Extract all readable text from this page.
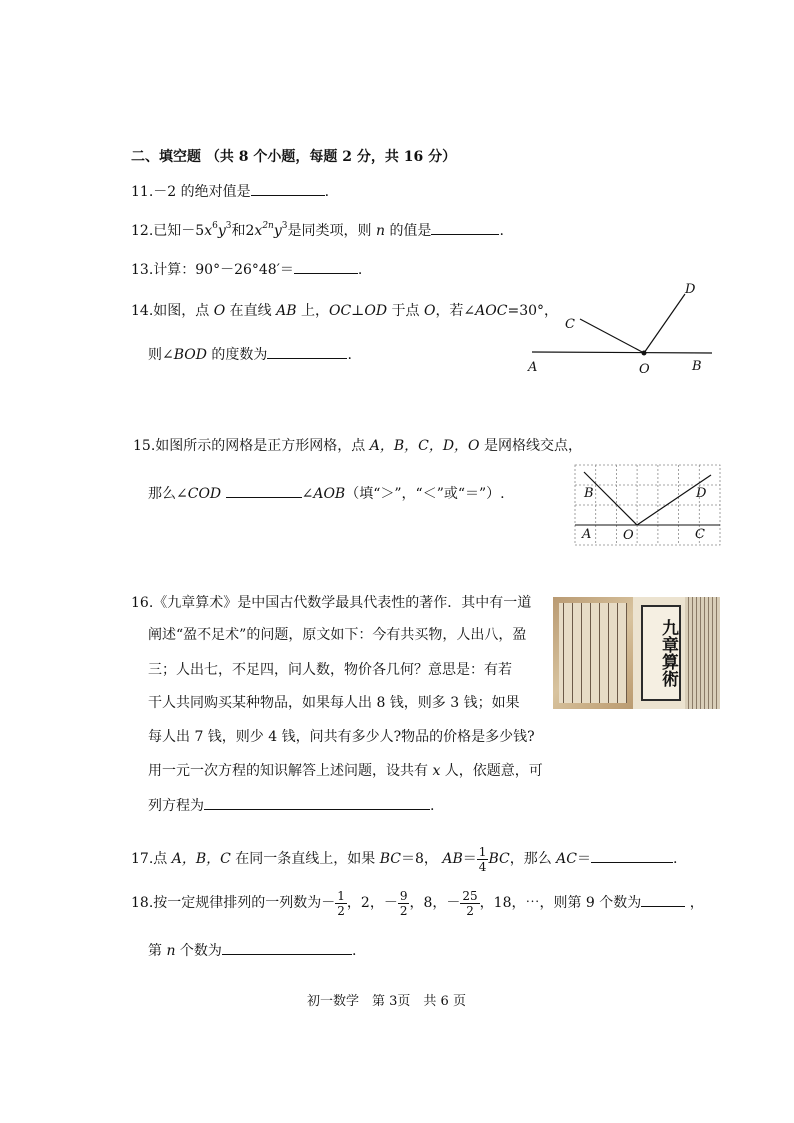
二、填空题 （共 8 个小题，每题 2 分，共 16 分）
11.－2 的绝对值是	.
12.已知$-5x^6y^3$和$2x^{2n}y^3$是同类项，则 n 的值是	.
13.计算：90°－26°48′＝	.
14.如图，点 O 在直线 AB 上，OC⊥OD 于点 O，若∠AOC=30°，
则∠BOD 的度数为	.
A	O	B
C
D
15.如图所示的网格是正方形网格，点 A，B，C，D，O 是网格线交点，
那么∠COD	∠AOB（填“＞”，“＜”或“＝”）.	B	D
A O	C
16.《九章算术》是中国古代数学最具代表性的著作．其中有一道
阐述“盈不足术”的问题，原文如下：今有共买物，人出八，盈
三；人出七，不足四，问人数，物价各几何？意思是：有若
干人共同购买某种物品，如果每人出 8 钱，则多 3 钱；如果
每人出 7 钱，则少 4 钱，问共有多少人?物品的价格是多少钱?
用一元一次方程的知识解答上述问题，设共有 x 人，依题意，可
列方程为	.
九章算術
17.点 A，B，C 在同一条直线上，如果 BC＝8， $AB= \frac{1}{4}$ BC，那么 AC＝	.
18.按一定规律排列的一列数为－ $\frac{1}{2}$ ，2，－ $\frac{9}{2}$ ，8，－ $\frac{25}{2}$ ，18，⋯，则第 9 个数为	，
第 n 个数为	.
初一数学　第 3页　共 6 页
